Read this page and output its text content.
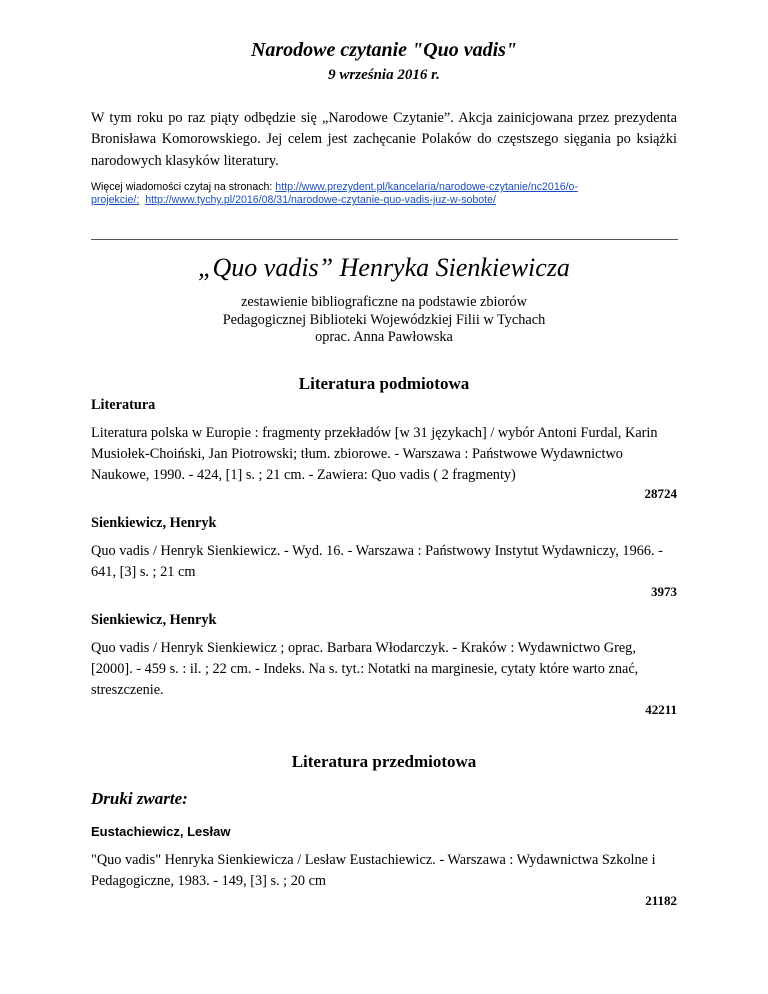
Narodowe czytanie "Quo vadis"
9 września 2016 r.
W tym roku po raz piąty odbędzie się „Narodowe Czytanie”. Akcja zainicjowana przez prezydenta Bronisława Komorowskiego. Jej celem jest zachęcanie Polaków do częstszego sięgania po książki narodowych klasyków literatury.
Więcej wiadomości czytaj na stronach: http://www.prezydent.pl/kancelaria/narodowe-czytanie/nc2016/o-
projekcie/; http://www.tychy.pl/2016/08/31/narodowe-czytanie-quo-vadis-juz-w-sobote/
„Quo vadis” Henryka Sienkiewicza
zestawienie bibliograficzne na podstawie zbiorów
Pedagogicznej Biblioteki Wojewódzkiej Filii w Tychach
oprac. Anna Pawłowska
Literatura podmiotowa
Literatura
Literatura polska w Europie : fragmenty przekładów [w 31 językach] / wybór Antoni Furdal, Karin Musiołek-Choiński, Jan Piotrowski; tłum. zbiorowe. - Warszawa : Państwowe Wydawnictwo Naukowe, 1990. - 424, [1] s. ; 21 cm. - Zawiera: Quo vadis ( 2 fragmenty)
28724
Sienkiewicz, Henryk
Quo vadis / Henryk Sienkiewicz. - Wyd. 16. - Warszawa : Państwowy Instytut Wydawniczy, 1966. - 641, [3] s. ; 21 cm
3973
Sienkiewicz, Henryk
Quo vadis / Henryk Sienkiewicz ; oprac. Barbara Włodarczyk. - Kraków : Wydawnictwo Greg, [2000]. - 459 s. : il. ; 22 cm. - Indeks. Na s. tyt.: Notatki na marginesie, cytaty które warto znać, streszczenie.
42211
Literatura przedmiotowa
Druki zwarte:
Eustachiewicz, Lesław
"Quo vadis" Henryka Sienkiewicza / Lesław Eustachiewicz. - Warszawa : Wydawnictwa Szkolne i Pedagogiczne, 1983. - 149, [3] s. ; 20 cm
21182
